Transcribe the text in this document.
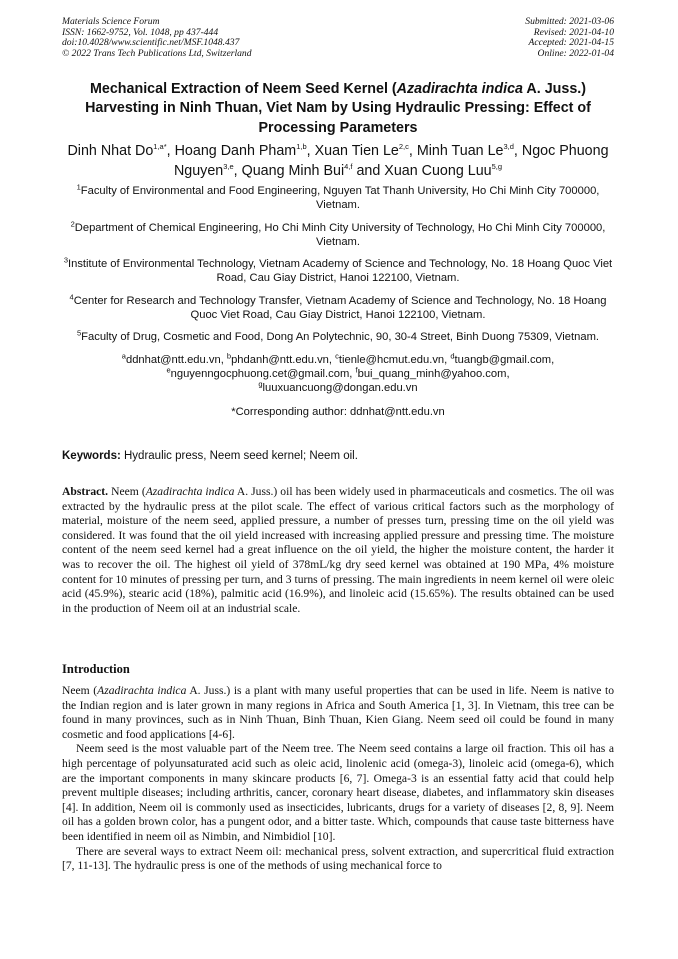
Materials Science Forum
ISSN: 1662-9752, Vol. 1048, pp 437-444
doi:10.4028/www.scientific.net/MSF.1048.437
© 2022 Trans Tech Publications Ltd, Switzerland
Submitted: 2021-03-06
Revised: 2021-04-10
Accepted: 2021-04-15
Online: 2022-01-04
Mechanical Extraction of Neem Seed Kernel (Azadirachta indica A. Juss.) Harvesting in Ninh Thuan, Viet Nam by Using Hydraulic Pressing: Effect of Processing Parameters
Dinh Nhat $Do^{1,a*}$, Hoang Danh Pham$^{1,b}$, Xuan Tien Le$^{2,c}$, Minh Tuan Le$^{3,d}$, Ngoc Phuong Nguyen$^{3,e}$, Quang Minh Bui$^{4,f}$ and Xuan Cuong Luu$^{5,g}$

$^1$Faculty of Environmental and Food Engineering, Nguyen Tat Thanh University, Ho Chi Minh City 700000, Vietnam.

$^2$Department of Chemical Engineering, Ho Chi Minh City University of Technology, Ho Chi Minh City 700000, Vietnam.

$^3$Institute of Environmental Technology, Vietnam Academy of Science and Technology, No. 18 Hoang Quoc Viet Road, Cau Giay District, Hanoi 122100, Vietnam.

$^4$Center for Research and Technology Transfer, Vietnam Academy of Science and Technology, No. 18 Hoang Quoc Viet Road, Cau Giay District, Hanoi 122100, Vietnam.

$^5$Faculty of Drug, Cosmetic and Food, Dong An Polytechnic, 90, 30-4 Street, Binh Duong 75309, Vietnam.

$^a$ddnhat@ntt.edu.vn, $^b$phdanh@ntt.edu.vn, $^c$tienle@hcmut.edu.vn, $^d$tuangb@gmail.com,
$^e$nguyenngocphuong.cet@gmail.com, $^f$bui_quang_minh@yahoo.com,
$^g$luuxuancuong@dongan.edu.vn

*Corresponding author: ddnhat@ntt.edu.vn

Keywords: Hydraulic press, Neem seed kernel; Neem oil.

Abstract. Neem (Azadirachta indica A. Juss.) oil has been widely used in pharmaceuticals and cosmetics. The oil was extracted by the hydraulic press at the pilot scale. The effect of various critical factors such as the morphology of material, moisture of the neem seed, applied pressure, a number of presses turn, pressing time on the oil yield was considered. It was found that the oil yield increased with increasing applied pressure and pressing time. The moisture content of the neem seed kernel had a great influence on the oil yield, the higher the moisture content, the harder it was to recover the oil. The highest oil yield of 378mL/kg dry seed kernel was obtained at 190 MPa, 4% moisture content for 10 minutes of pressing per turn, and 3 turns of pressing. The main ingredients in neem kernel oil were oleic acid (45.9%), stearic acid (18%), palmitic acid (16.9%), and linoleic acid (15.65%). The results obtained can be used in the production of Neem oil at an industrial scale.

Introduction

Neem (Azadirachta indica A. Juss.) is a plant with many useful properties that can be used in life. Neem is native to the Indian region and is later grown in many regions in Africa and South America [1, 3]. In Vietnam, this tree can be found in many provinces, such as in Ninh Thuan, Binh Thuan, Kien Giang. Neem seed oil could be found in many cosmetic and food applications [4-6].

Neem seed is the most valuable part of the Neem tree. The Neem seed contains a large oil fraction. This oil has a high percentage of polyunsaturated acid such as oleic acid, linolenic acid (omega-3), linoleic acid (omega-6), which are the important components in many skincare products [6, 7]. Omega-3 is an essential fatty acid that could help prevent multiple diseases; including arthritis, cancer, coronary heart disease, diabetes, and inflammatory skin diseases [4]. In addition, Neem oil is commonly used as insecticides, lubricants, drugs for a variety of diseases [2, 8, 9]. Neem oil has a golden brown color, has a pungent odor, and a bitter taste. Which, compounds that cause taste bitterness have been identified in neem oil as Nimbin, and Nimbidiol [10].

There are several ways to extract Neem oil: mechanical press, solvent extraction, and supercritical fluid extraction [7, 11-13]. The hydraulic press is one of the methods of using mechanical force to
